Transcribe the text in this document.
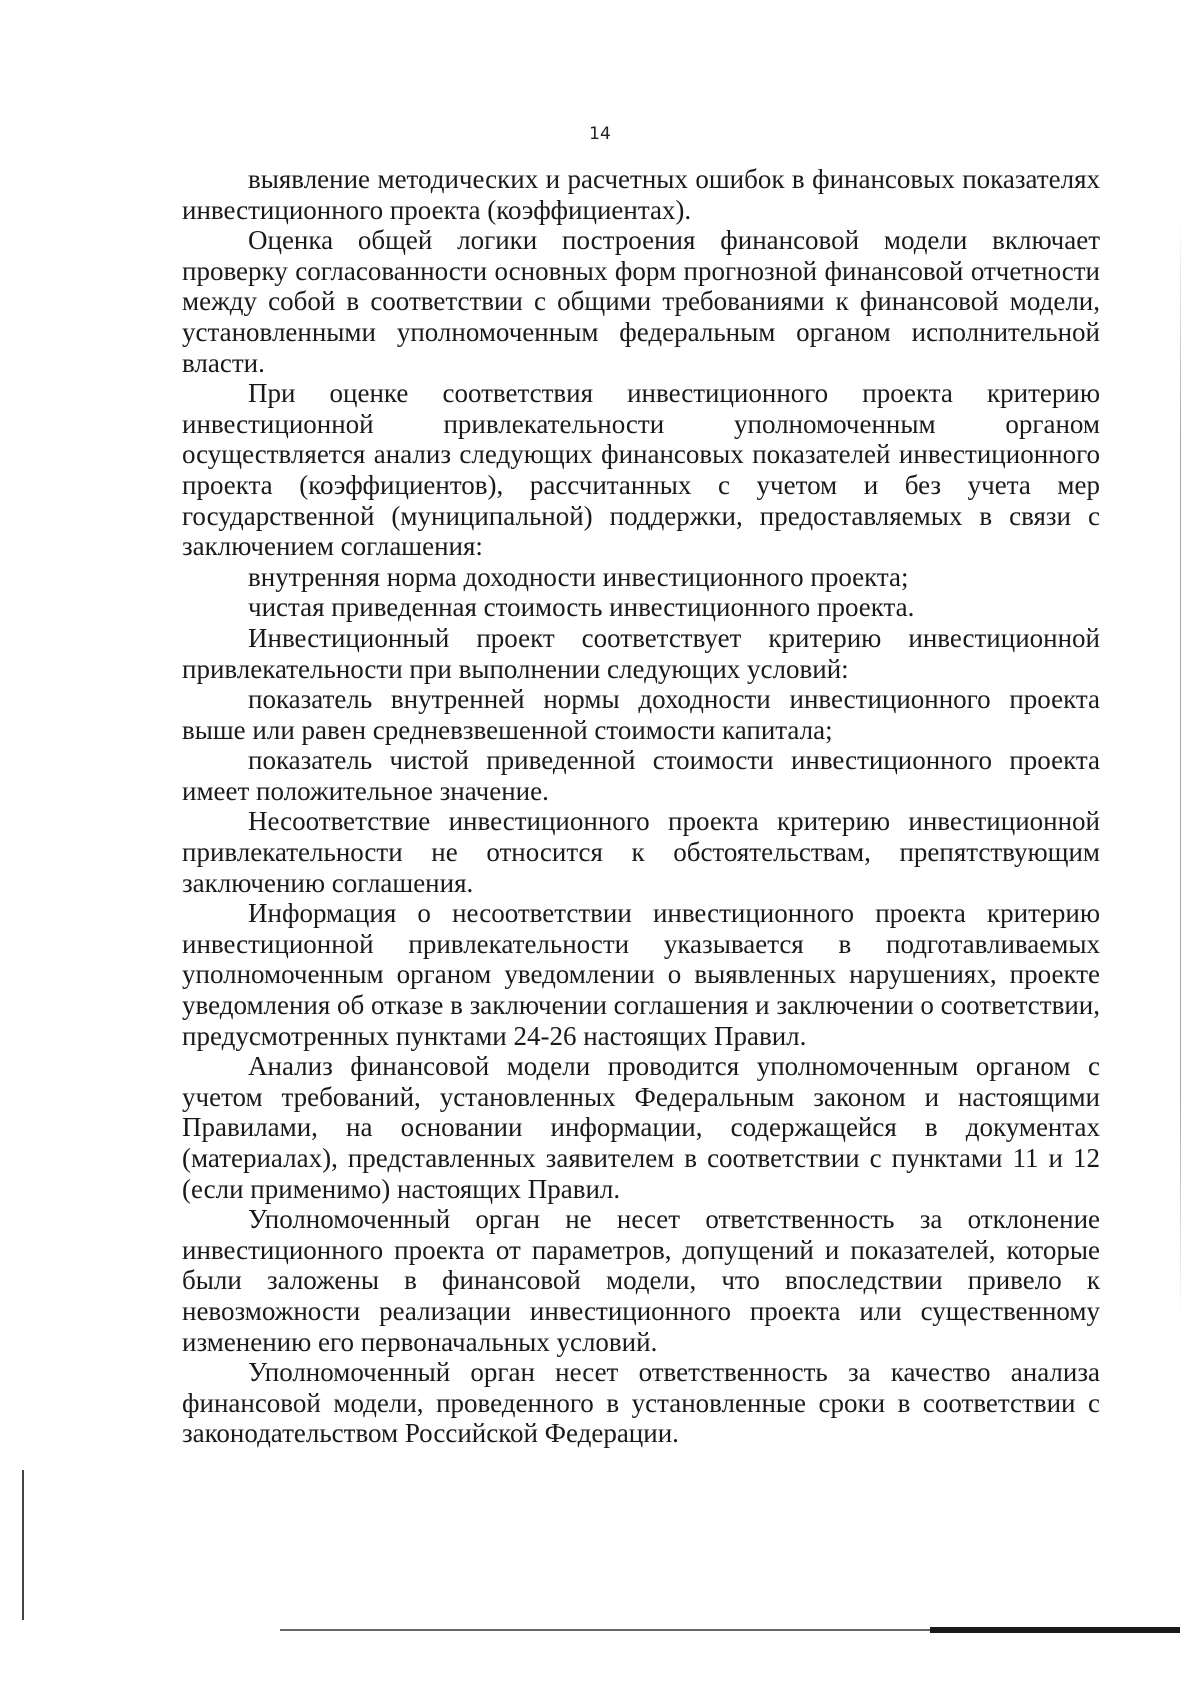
14

выявление методических и расчетных ошибок в финансовых показателях инвестиционного проекта (коэффициентах).

Оценка общей логики построения финансовой модели включает проверку согласованности основных форм прогнозной финансовой отчетности между собой в соответствии с общими требованиями к финансовой модели, установленными уполномоченным федеральным органом исполнительной власти.

При оценке соответствия инвестиционного проекта критерию инвестиционной привлекательности уполномоченным органом осуществляется анализ следующих финансовых показателей инвестиционного проекта (коэффициентов), рассчитанных с учетом и без учета мер государственной (муниципальной) поддержки, предоставляемых в связи с заключением соглашения:

внутренняя норма доходности инвестиционного проекта;

чистая приведенная стоимость инвестиционного проекта.

Инвестиционный проект соответствует критерию инвестиционной привлекательности при выполнении следующих условий:

показатель внутренней нормы доходности инвестиционного проекта выше или равен средневзвешенной стоимости капитала;

показатель чистой приведенной стоимости инвестиционного проекта имеет положительное значение.

Несоответствие инвестиционного проекта критерию инвестиционной привлекательности не относится к обстоятельствам, препятствующим заключению соглашения.

Информация о несоответствии инвестиционного проекта критерию инвестиционной привлекательности указывается в подготавливаемых уполномоченным органом уведомлении о выявленных нарушениях, проекте уведомления об отказе в заключении соглашения и заключении о соответствии, предусмотренных пунктами 24-26 настоящих Правил.

Анализ финансовой модели проводится уполномоченным органом с учетом требований, установленных Федеральным законом и настоящими Правилами, на основании информации, содержащейся в документах (материалах), представленных заявителем в соответствии с пунктами 11 и 12 (если применимо) настоящих Правил.

Уполномоченный орган не несет ответственность за отклонение инвестиционного проекта от параметров, допущений и показателей, которые были заложены в финансовой модели, что впоследствии привело к невозможности реализации инвестиционного проекта или существенному изменению его первоначальных условий.

Уполномоченный орган несет ответственность за качество анализа финансовой модели, проведенного в установленные сроки в соответствии с законодательством Российской Федерации.
